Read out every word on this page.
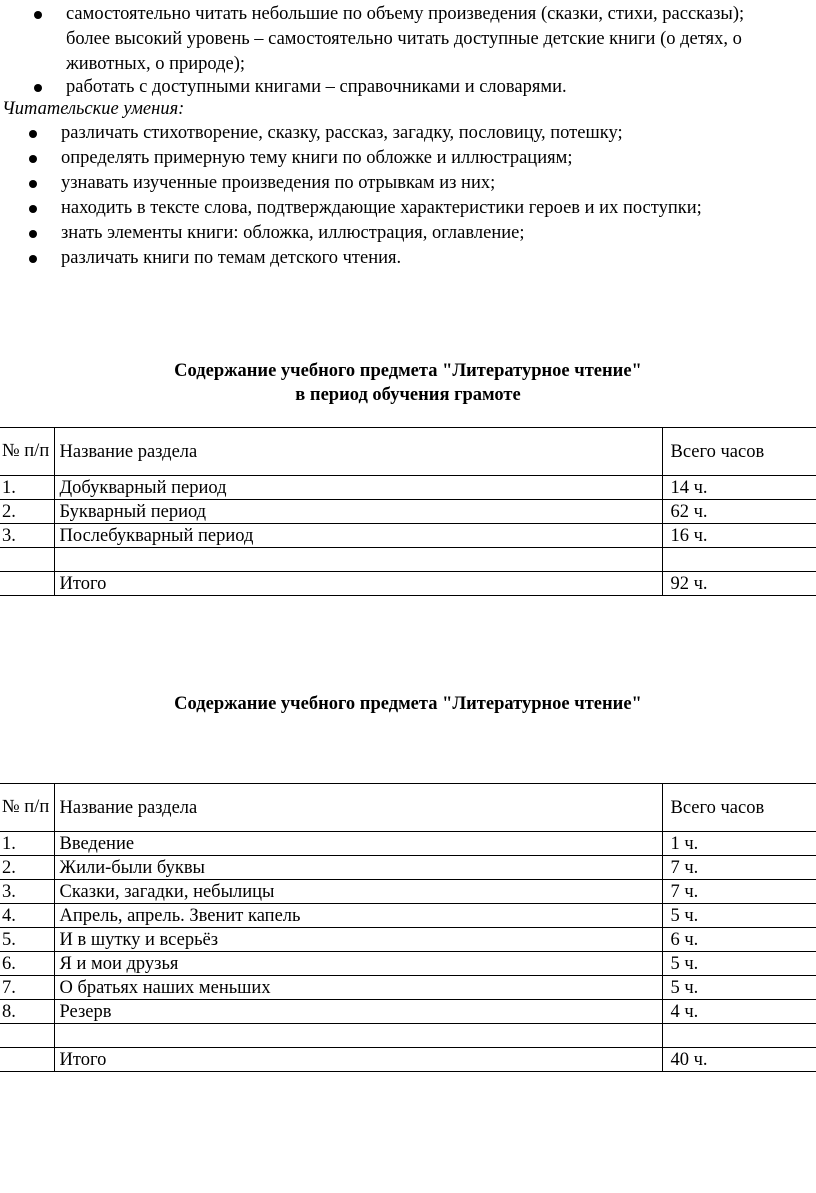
самостоятельно читать небольшие по объему произведения (сказки, стихи, рассказы);
более высокий уровень – самостоятельно читать доступные детские книги (о детях, о
животных, о природе);
работать с доступными книгами – справочниками и словарями.
Читательские умения:
различать стихотворение, сказку, рассказ, загадку, пословицу, потешку;
определять примерную тему книги по обложке и иллюстрациям;
узнавать изученные произведения по отрывкам из них;
находить в тексте слова, подтверждающие характеристики героев и их поступки;
знать элементы книги: обложка, иллюстрация, оглавление;
различать книги по темам детского чтения.
Содержание учебного предмета "Литературное чтение"
в период обучения грамоте
№ п/п	Название раздела	Всего часов
1.	Добукварный период	14 ч.
2.	Букварный период	62 ч.
3.	Послебукварный период	16 ч.

	Итого	92 ч.
Содержание учебного предмета "Литературное чтение"
№ п/п	Название раздела	Всего часов
1.	Введение	1 ч.
2.	Жили-были буквы	7 ч.
3.	Сказки, загадки, небылицы	7 ч.
4.	Апрель, апрель. Звенит капель	5 ч.
5.	И в шутку и всерьёз	6 ч.
6.	Я и мои друзья	5 ч.
7.	О братьях наших меньших	5 ч.
8.	Резерв	4 ч.

	Итого	40 ч.
